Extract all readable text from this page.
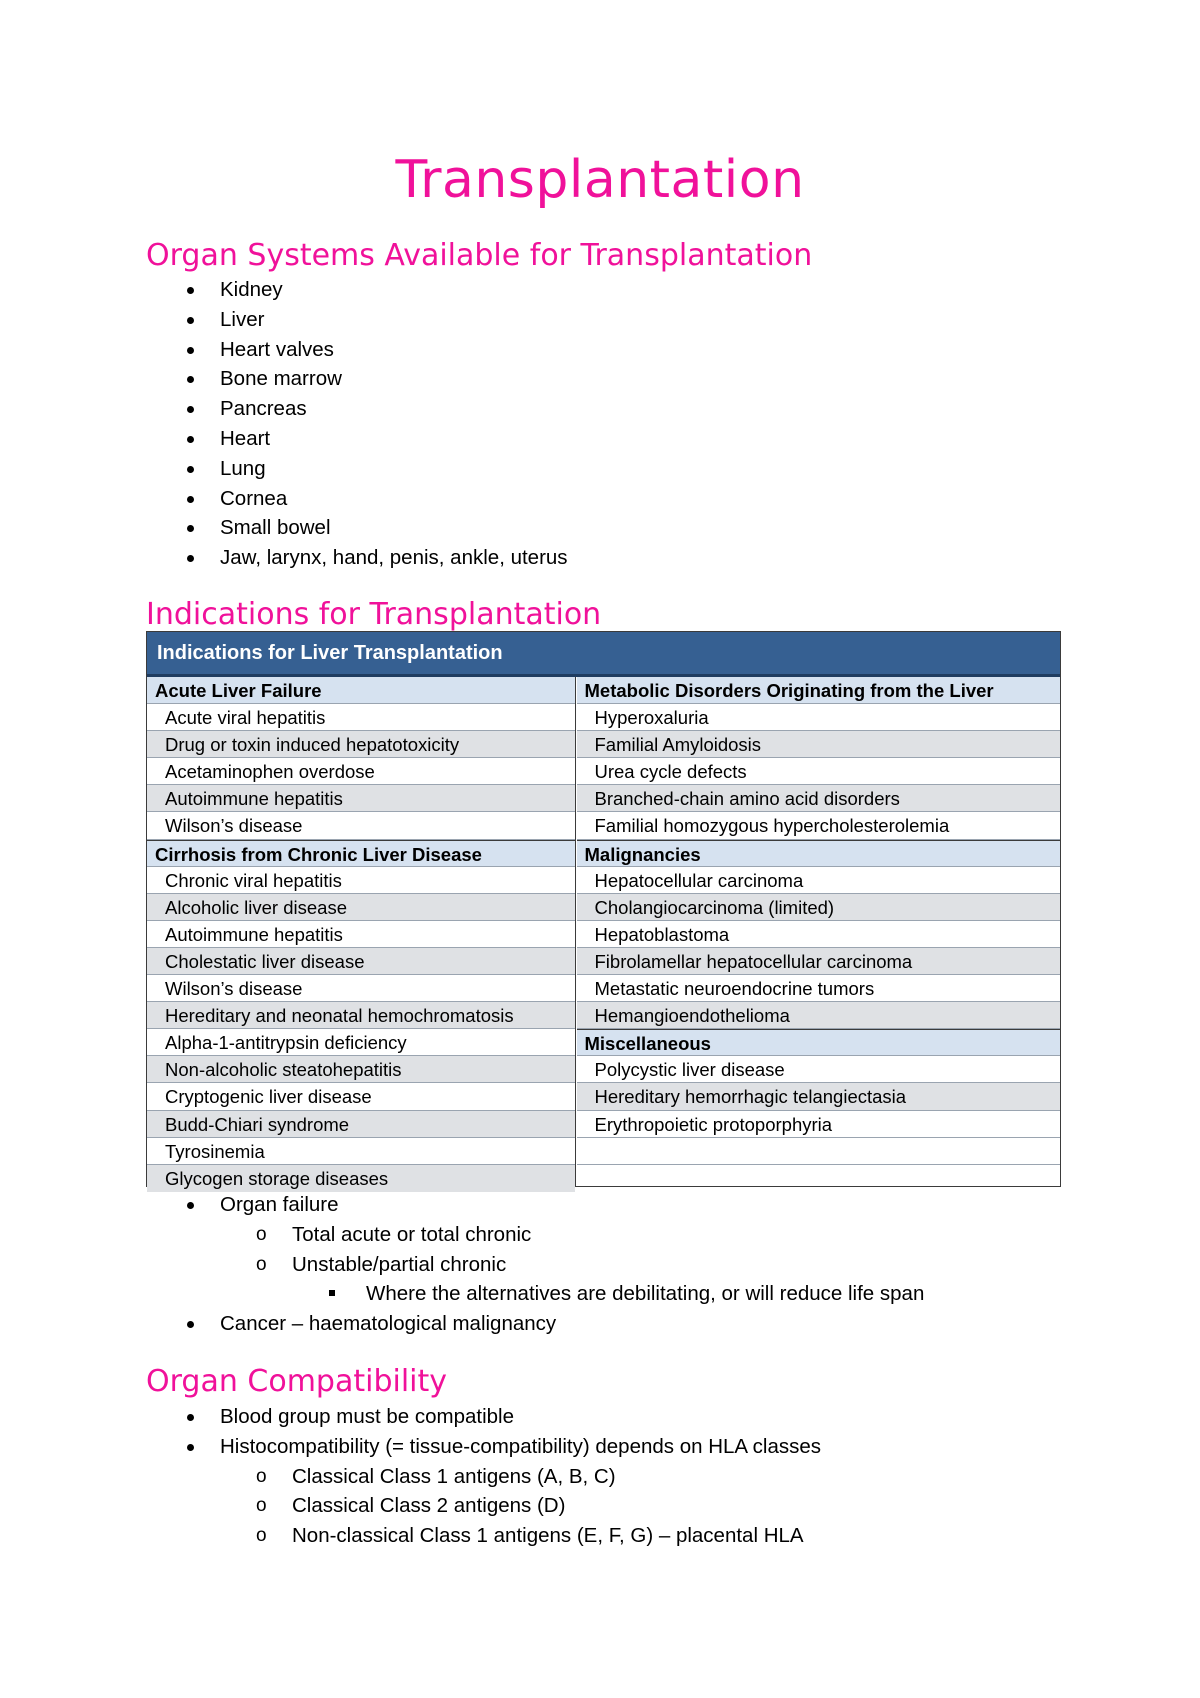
Transplantation
Organ Systems Available for Transplantation
Kidney
Liver
Heart valves
Bone marrow
Pancreas
Heart
Lung
Cornea
Small bowel
Jaw, larynx, hand, penis, ankle, uterus
Indications for Transplantation
Indications for Liver Transplantation
Acute Liver Failure
Acute viral hepatitis
Drug or toxin induced hepatotoxicity
Acetaminophen overdose
Autoimmune hepatitis
Wilson’s disease
Cirrhosis from Chronic Liver Disease
Chronic viral hepatitis
Alcoholic liver disease
Autoimmune hepatitis
Cholestatic liver disease
Wilson’s disease
Hereditary and neonatal hemochromatosis
Alpha-1-antitrypsin deficiency
Non-alcoholic steatohepatitis
Cryptogenic liver disease
Budd-Chiari syndrome
Tyrosinemia
Glycogen storage diseases
Metabolic Disorders Originating from the Liver
Hyperoxaluria
Familial Amyloidosis
Urea cycle defects
Branched-chain amino acid disorders
Familial homozygous hypercholesterolemia
Malignancies
Hepatocellular carcinoma
Cholangiocarcinoma (limited)
Hepatoblastoma
Fibrolamellar hepatocellular carcinoma
Metastatic neuroendocrine tumors
Hemangioendothelioma
Miscellaneous
Polycystic liver disease
Hereditary hemorrhagic telangiectasia
Erythropoietic protoporphyria
Organ failure
o Total acute or total chronic
o Unstable/partial chronic
Where the alternatives are debilitating, or will reduce life span
Cancer – haematological malignancy
Organ Compatibility
Blood group must be compatible
Histocompatibility (= tissue-compatibility) depends on HLA classes
o Classical Class 1 antigens (A, B, C)
o Classical Class 2 antigens (D)
o Non-classical Class 1 antigens (E, F, G) – placental HLA
